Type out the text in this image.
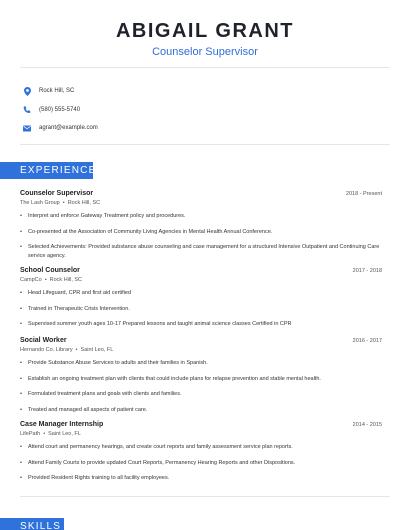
ABIGAIL GRANT
Counselor Supervisor
Rock Hill, SC
(580) 555-5740
agrant@example.com
EXPERIENCE
Counselor Supervisor	2018 - Present
The Lash Group • Rock Hill, SC
• Interpret and enforce Gateway Treatment policy and procedures.
• Co-presented at the Association of Community Living Agencies in Mental Health Annual Conference.
• Selected Achievements: Provided substance abuse counseling and case management for a structured Intensive Outpatient and Continuing Care service agency.
School Counselor	2017 - 2018
CampCo • Rock Hill, SC
• Head Lifeguard, CPR and first aid certified
• Trained in Therapeutic Crisis Intervention.
• Supervised summer youth ages 10-17 Prepared lessons and taught animal science classes Certified in CPR
Social Worker	2016 - 2017
Hernando Co. Library • Saint Leo, FL
• Provide Substance Abuse Services to adults and their families in Spanish.
• Establish an ongoing treatment plan with clients that could include plans for relapse prevention and stable mental health.
• Formulated treatment plans and goals with clients and families.
• Treated and managed all aspects of patient care.
Case Manager Internship	2014 - 2015
LifePath • Saint Leo, FL
• Attend court and permanency hearings, and create court reports and family assessment service plan reports.
• Attend Family Courts to provide updated Court Reports, Permanency Hearing Reports and other Dispositions.
• Provided Resident Rights training to all facility employees.
SKILLS
